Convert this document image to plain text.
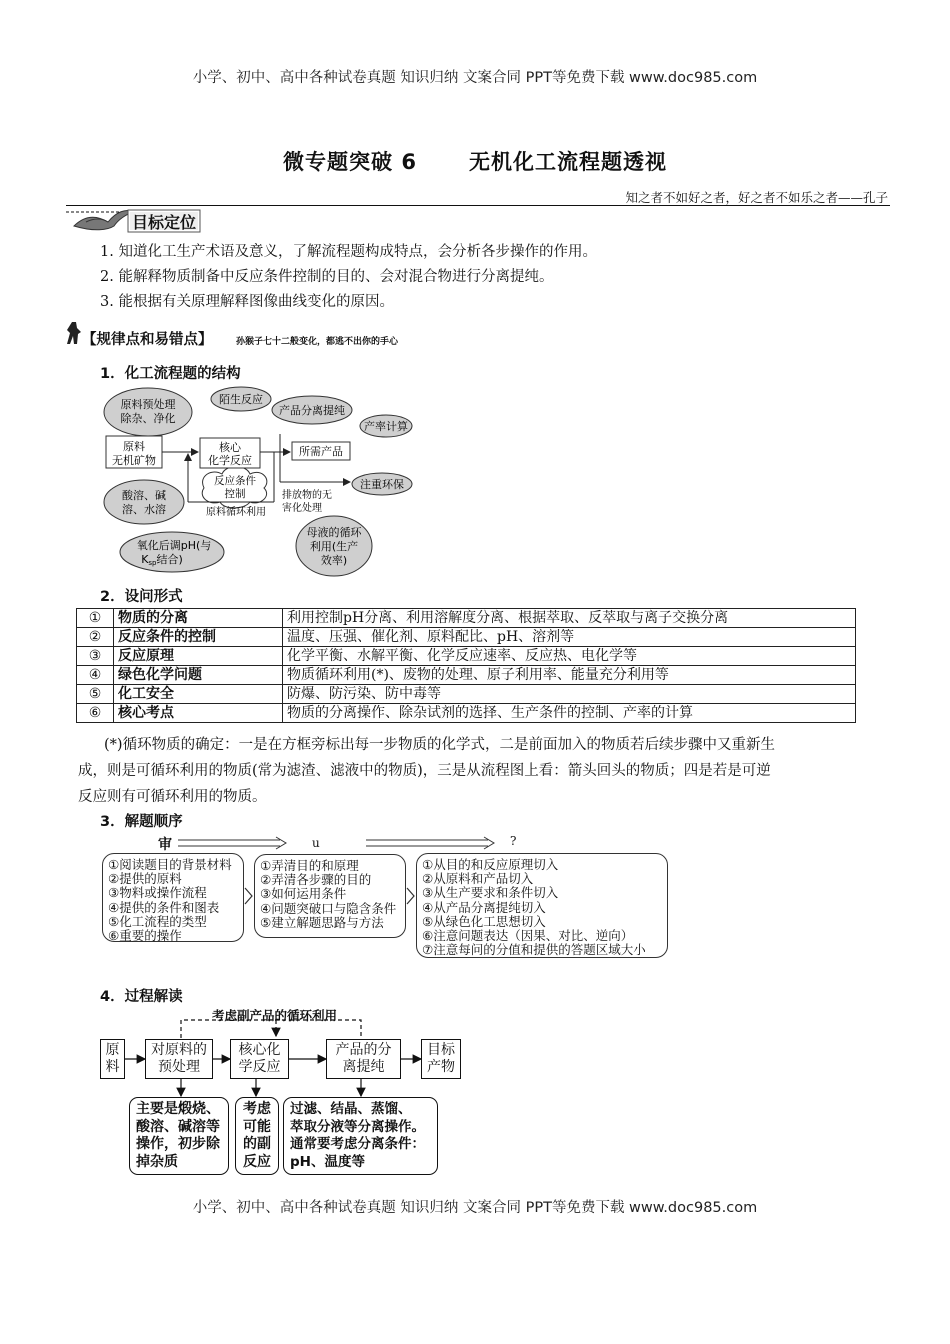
小学、初中、高中各种试卷真题 知识归纳 文案合同 PPT等免费下载 www.doc985.com
小学、初中、高中各种试卷真题 知识归纳 文案合同 PPT等免费下载 www.doc985.com
微专题突破 6 无机化工流程题透视
知之者不如好之者，好之者不如乐之者——孔子
目标定位
1. 知道化工生产术语及意义，了解流程题构成特点，会分析各步操作的作用。
2. 能解释物质制备中反应条件控制的目的、会对混合物进行分离提纯。
3. 能根据有关原理解释图像曲线变化的原因。
【规律点和易错点】	孙猴子七十二般变化，都逃不出你的手心
1．化工流程题的结构
原料预处理
除杂、净化
陌生反应
产品分离提纯
产率计算
原料
无机矿物
核心
化学反应
所需产品
酸溶、碱
溶、水溶
反应条件
控制
原料循环利用
排放物的无
害化处理
注重环保
氧化后调pH(与
Ksp结合)
母液的循环
利用(生产
效率)
2．设问形式
①	物质的分离	利用控制pH分离、利用溶解度分离、根据萃取、反萃取与离子交换分离
②	反应条件的控制	温度、压强、催化剂、原料配比、pH、溶剂等
③	反应原理	化学平衡、水解平衡、化学反应速率、反应热、电化学等
④	绿色化学问题	物质循环利用(*)、废物的处理、原子利用率、能量充分利用等
⑤	化工安全	防爆、防污染、防中毒等
⑥	核心考点	物质的分离操作、除杂试剂的选择、生产条件的控制、产率的计算
(*)循环物质的确定：一是在方框旁标出每一步物质的化学式，二是前面加入的物质若后续步骤中又重新生
成，则是可循环利用的物质(常为滤渣、滤液中的物质)，三是从流程图上看：箭头回头的物质；四是若是可逆
反应则有可循环利用的物质。
3．解题顺序
审	u	?
①阅读题目的背景材料
②提供的原料
③物料或操作流程
④提供的条件和图表
⑤化工流程的类型
⑥重要的操作
①弄清目的和原理
②弄清各步骤的目的
③如何运用条件
④问题突破口与隐含条件
⑤建立解题思路与方法
①从目的和反应原理切入
②从原料和产品切入
③从生产要求和条件切入
④从产品分离提纯切入
⑤从绿色化工思想切入
⑥注意问题表达（因果、对比、逆向）
⑦注意每问的分值和提供的答题区域大小
4．过程解读
考虑副产品的循环利用
原
料
对原料的
预处理
核心化
学反应
产品的分
离提纯
目标
产物
主要是煅烧、
酸溶、碱溶等
操作，初步除
掉杂质
考虑
可能
的副
反应
过滤、结晶、蒸馏、
萃取分液等分离操作。
通常要考虑分离条件：
pH、温度等
